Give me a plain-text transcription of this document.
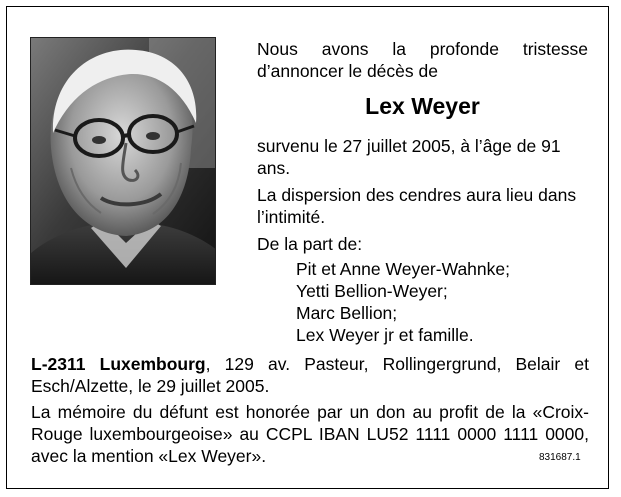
Nous avons la profonde tristesse
d’annoncer le décès de
Lex Weyer
survenu le 27 juillet 2005, à l’âge de 91 ans.
La dispersion des cendres aura lieu dans l’intimité.
De la part de:
Pit et Anne Weyer-Wahnke;
Yetti Bellion-Weyer;
Marc Bellion;
Lex Weyer jr et famille.
L-2311 Luxembourg, 129 av. Pasteur, Rollingergrund, Belair et Esch/Alzette, le 29 juillet 2005.
La mémoire du défunt est honorée par un don au profit de la «Croix-Rouge luxembourgeoise» au CCPL IBAN LU52 1111 0000 1111 0000, avec la mention «Lex Weyer».	831687.1
